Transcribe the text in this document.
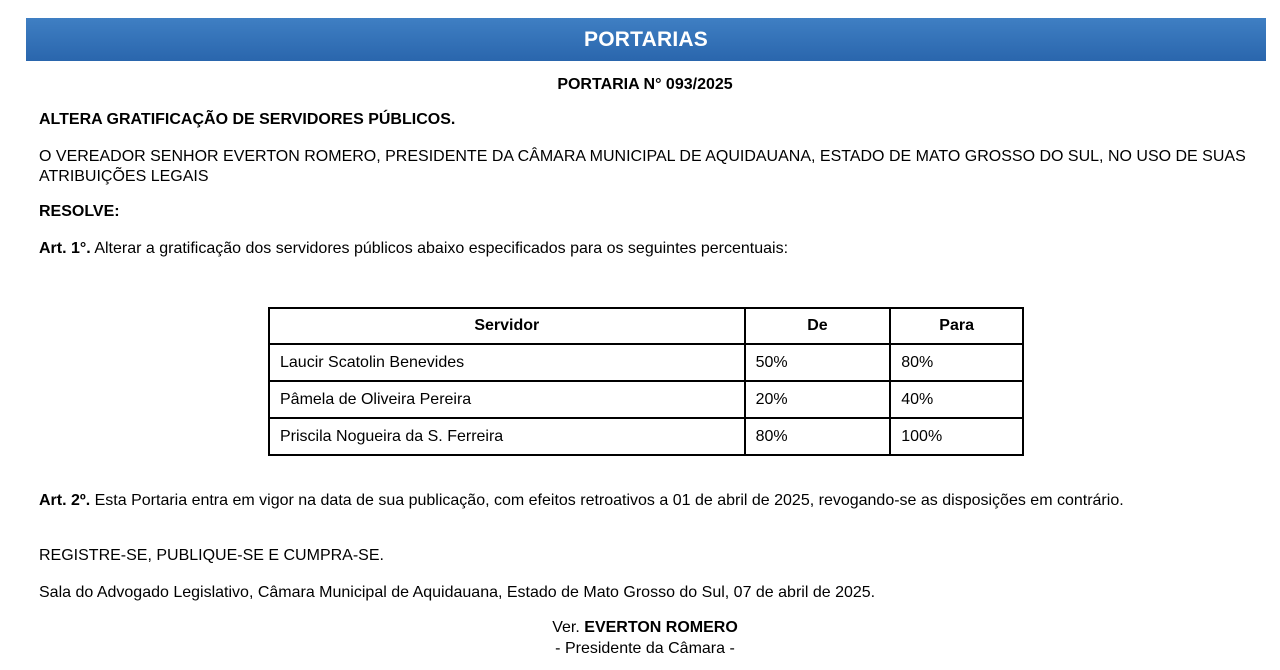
PORTARIAS
PORTARIA N° 093/2025
ALTERA GRATIFICAÇÃO DE SERVIDORES PÚBLICOS.
O VEREADOR SENHOR EVERTON ROMERO, PRESIDENTE DA CÂMARA MUNICIPAL DE AQUIDAUANA, ESTADO DE MATO GROSSO DO SUL, NO USO DE SUAS ATRIBUIÇÕES LEGAIS
RESOLVE:
Art. 1°. Alterar a gratificação dos servidores públicos abaixo especificados para os seguintes percentuais:
Servidor	De	Para
Laucir Scatolin Benevides	50%	80%
Pâmela de Oliveira Pereira	20%	40%
Priscila Nogueira da S. Ferreira	80%	100%
Art. 2º. Esta Portaria entra em vigor na data de sua publicação, com efeitos retroativos a 01 de abril de 2025, revogando-se as disposições em contrário.
REGISTRE-SE, PUBLIQUE-SE E CUMPRA-SE.
Sala do Advogado Legislativo, Câmara Municipal de Aquidauana, Estado de Mato Grosso do Sul, 07 de abril de 2025.
Ver. EVERTON ROMERO
- Presidente da Câmara -
